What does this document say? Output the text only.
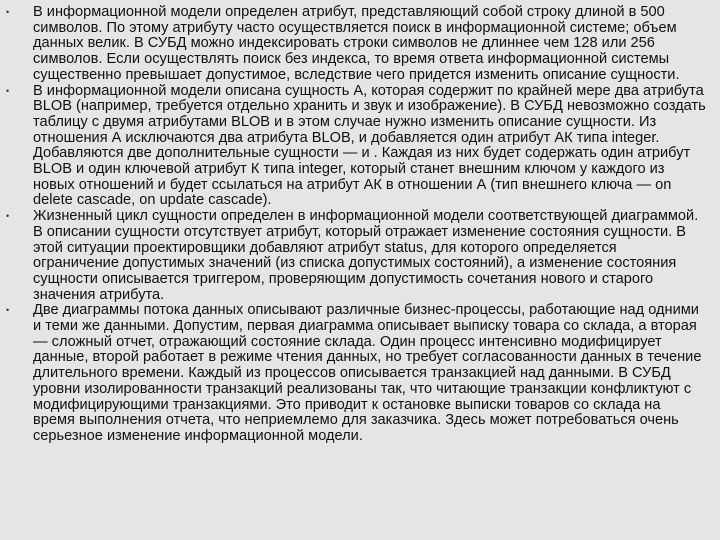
• В информационной модели определен атрибут, представляющий собой строку длиной в 500 символов. По этому атрибуту часто осуществляется поиск в информационной системе; объем данных велик. В СУБД можно индексировать строки символов не длиннее чем 128 или 256 символов. Если осуществлять поиск без индекса, то время ответа информационной системы существенно превышает допустимое, вследствие чего придется изменить описание сущности.
• В информационной модели описана сущность А, которая содержит по крайней мере два атрибута BLOB (например, требуется отдельно хранить и звук и изображение). В СУБД невозможно создать таблицу с двумя атрибутами BLOB и в этом случае нужно изменить описание сущности. Из отношения А исключаются два атрибута BLOB, и добавляется один атрибут АК типа integer. Добавляются две дополнительные сущности — и . Каждая из них будет содержать один атрибут BLOB и один ключевой атрибут К типа integer, который станет внешним ключом у каждого из новых отношений и будет ссылаться на атрибут АК в отношении А (тип внешнего ключа — on delete cascade, on update cascade).
• Жизненный цикл сущности определен в информационной модели соответствующей диаграммой. В описании сущности отсутствует атрибут, который отражает изменение состояния сущности. В этой ситуации проектировщики добавляют атрибут status, для которого определяется ограничение допустимых значений (из списка допустимых состояний), а изменение состояния сущности описывается триггером, проверяющим допустимость сочетания нового и старого значения атрибута.
• Две диаграммы потока данных описывают различные бизнес-процессы, работающие над одними и теми же данными. Допустим, первая диаграмма описывает выписку товара со склада, а вторая — сложный отчет, отражающий состояние склада. Один процесс интенсивно модифицирует данные, второй работает в режиме чтения данных, но требует согласованности данных в течение длительного времени. Каждый из процессов описывается транзакцией над данными. В СУБД уровни изолированности транзакций реализованы так, что читающие транзакции конфликтуют с модифицирующими транзакциями. Это приводит к остановке выписки товаров со склада на время выполнения отчета, что неприемлемо для заказчика. Здесь может потребоваться очень серьезное изменение информационной модели.
